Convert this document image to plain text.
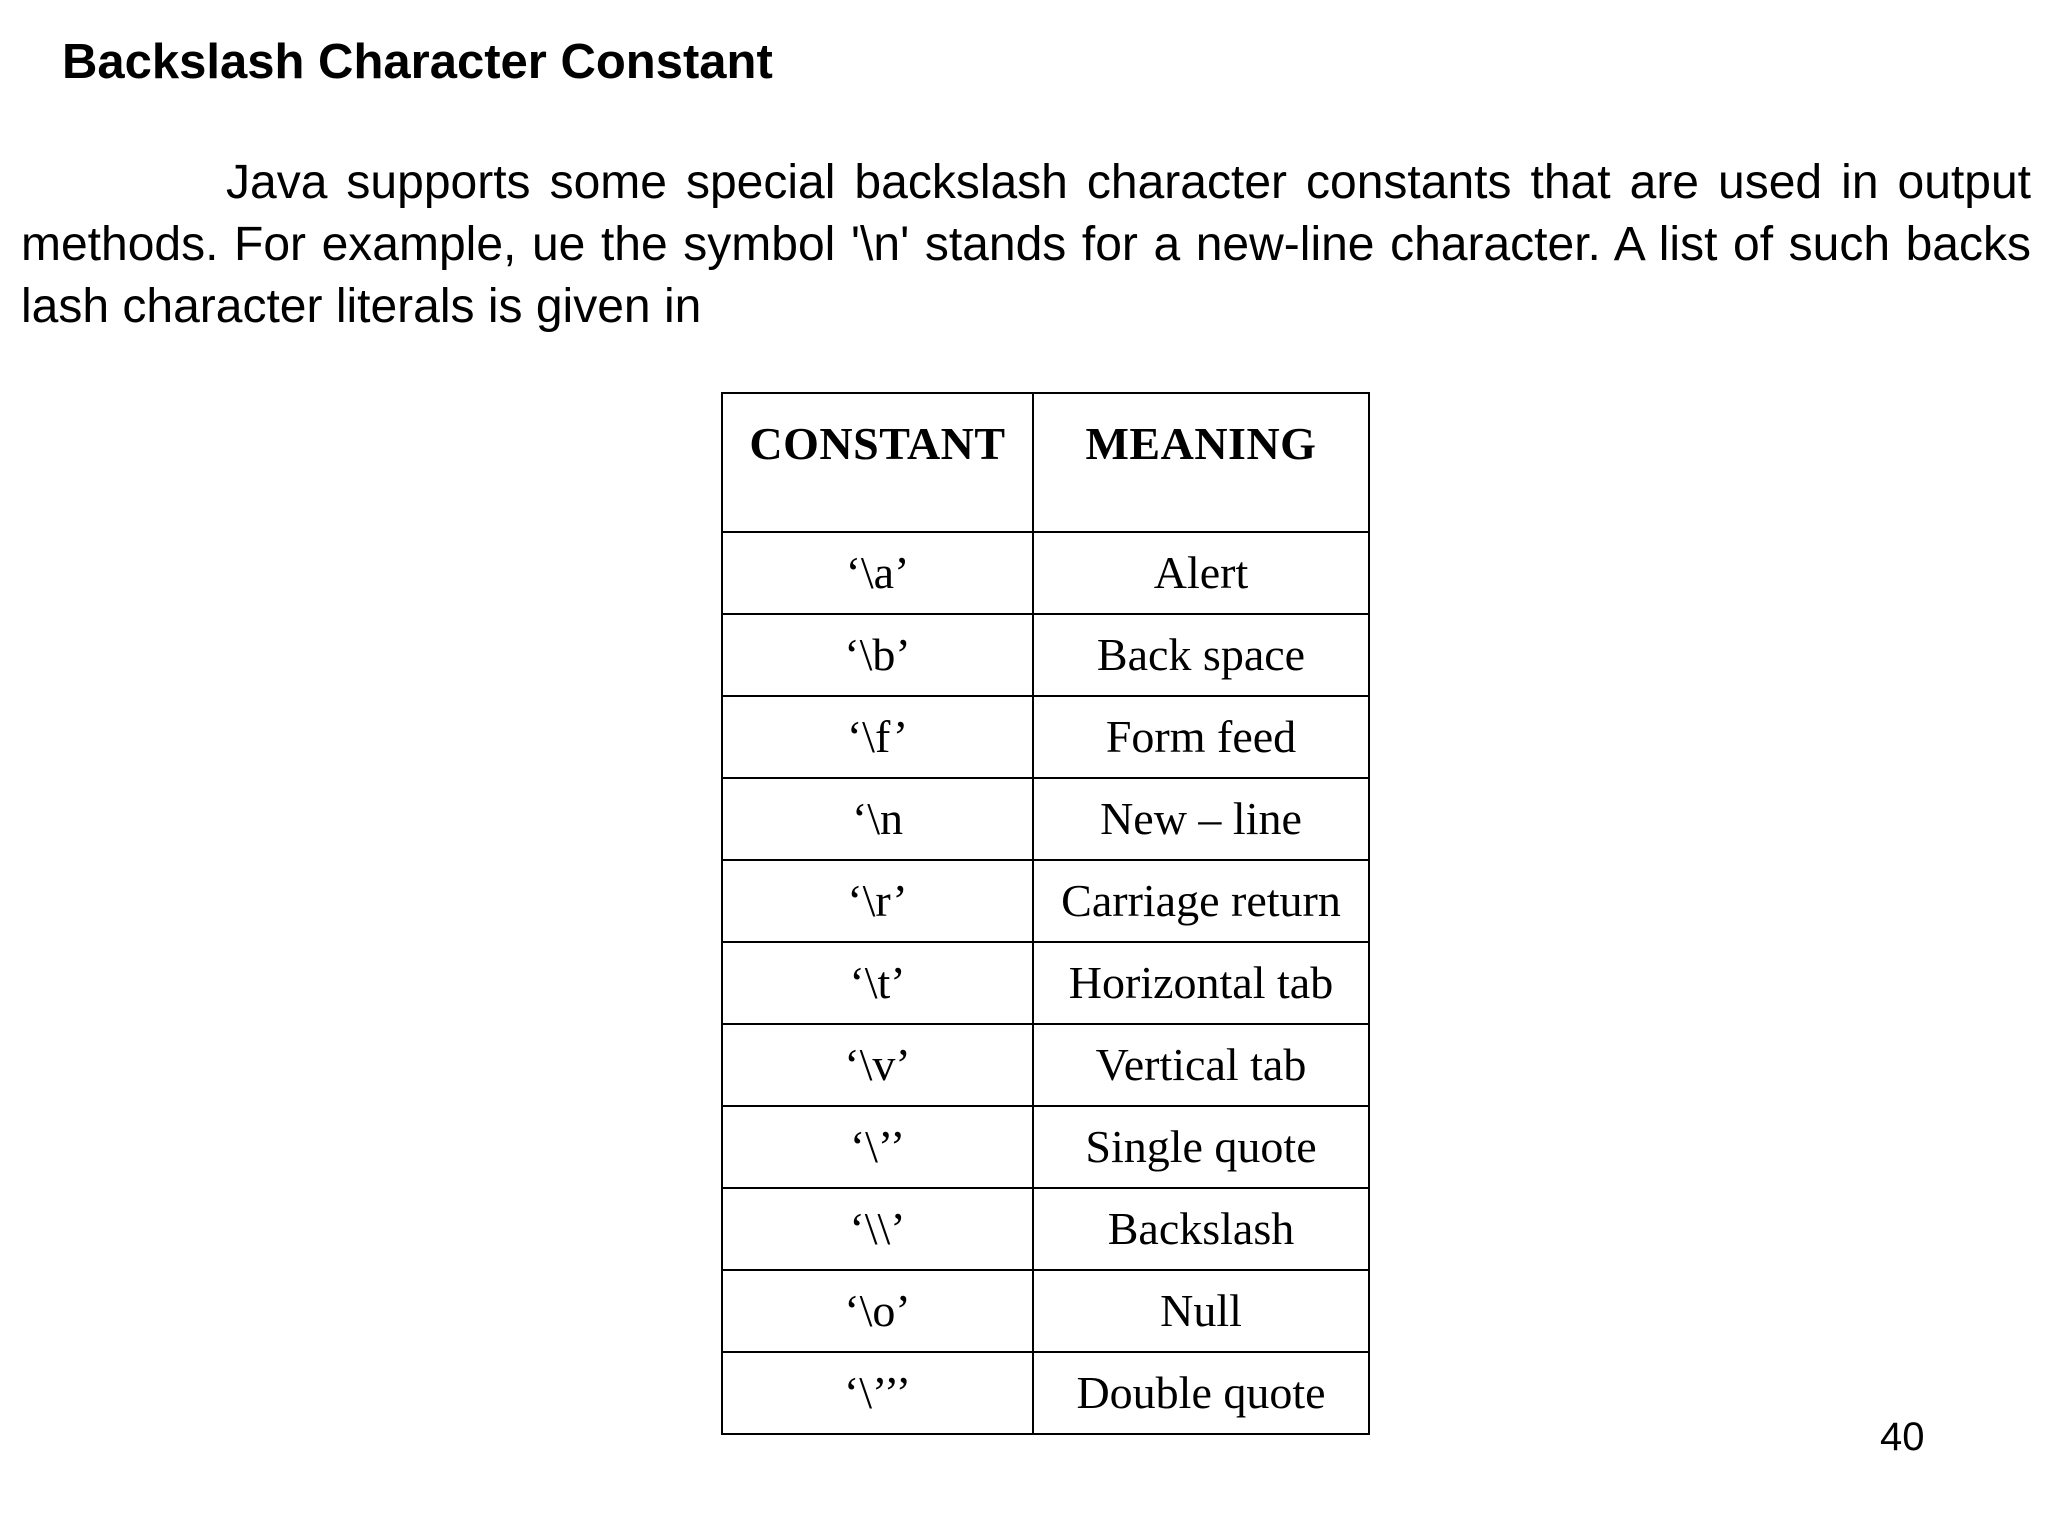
Backslash Character Constant

Java supports some special backslash character constants that are used in output methods. For example, ue the symbol '\n' stands for a new-line character. A list of such backs lash character literals is given in

CONSTANT	MEANING
‘\a’	Alert
‘\b’	Back space
‘\f’	Form feed
‘\n	New – line
‘\r’	Carriage return
‘\t’	Horizontal tab
‘\v’	Vertical tab
‘\’’	Single quote
‘\\’	Backslash
‘\o’	Null
‘\’’’	Double quote
40
